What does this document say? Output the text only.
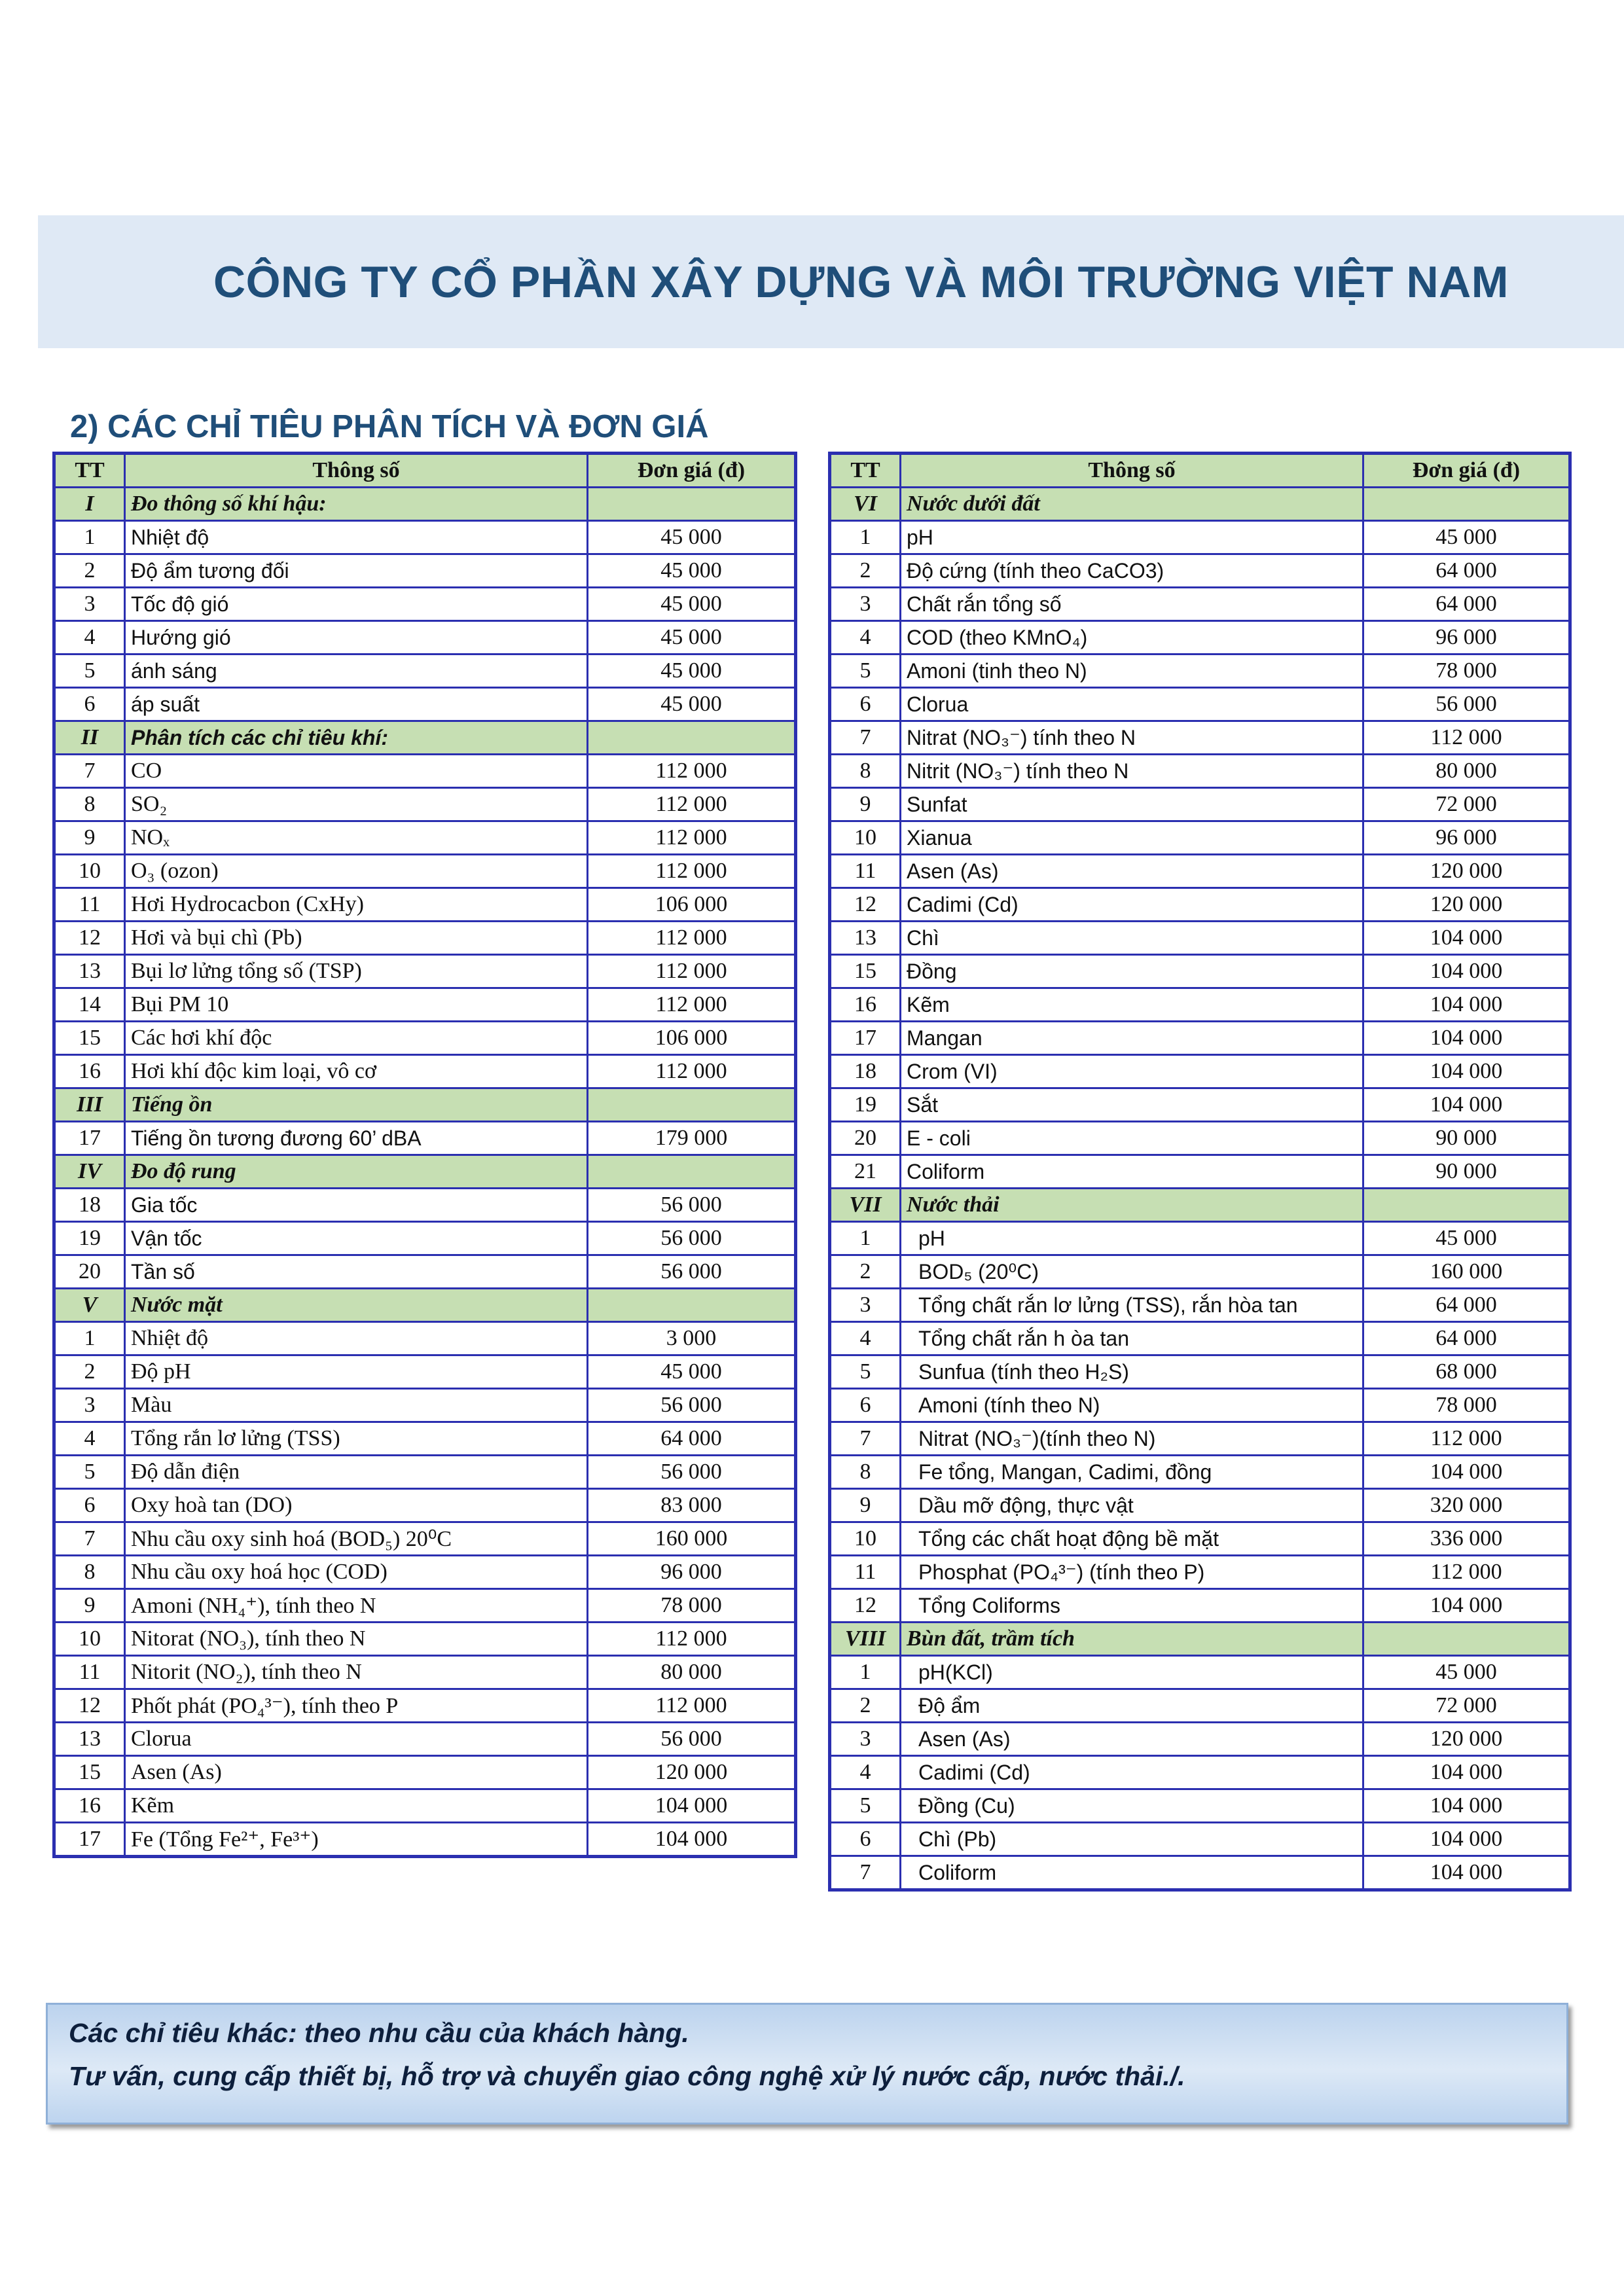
CÔNG TY CỔ PHẦN XÂY DỰNG VÀ MÔI TRƯỜNG VIỆT NAM
2) CÁC CHỈ TIÊU PHÂN TÍCH VÀ ĐƠN GIÁ
TT	Thông số	Đơn giá (đ)
I	Đo thông số khí hậu:	
1	Nhiệt độ	45 000
2	Độ ẩm tương đối	45 000
3	Tốc độ gió	45 000
4	Hướng gió	45 000
5	ánh sáng	45 000
6	áp suất	45 000
II	Phân tích các chỉ tiêu khí:	
7	CO	112 000
8	SO₂	112 000
9	NOₓ	112 000
10	O₃ (ozon)	112 000
11	Hơi Hydrocacbon (CxHy)	106 000
12	Hơi và bụi chì (Pb)	112 000
13	Bụi lơ lửng tổng số (TSP)	112 000
14	Bụi PM 10	112 000
15	Các hơi khí độc	106 000
16	Hơi khí độc kim loại, vô cơ	112 000
III	Tiếng ồn	
17	Tiếng ồn tương đương 60’ dBA	179 000
IV	Đo độ rung	
18	Gia tốc	56 000
19	Vận tốc	56 000
20	Tần số	56 000
V	Nước mặt	
1	Nhiệt độ	3 000
2	Độ pH	45 000
3	Màu	56 000
4	Tổng rắn lơ lửng (TSS)	64 000
5	Độ dẫn điện	56 000
6	Oxy hoà tan (DO)	83 000
7	Nhu cầu oxy sinh hoá (BOD₅) 20⁰C	160 000
8	Nhu cầu oxy hoá học (COD)	96 000
9	Amoni (NH₄⁺), tính theo N	78 000
10	Nitorat (NO₃), tính theo N	112 000
11	Nitorit (NO₂), tính theo N	80 000
12	Phốt phát (PO₄³⁻), tính theo P	112 000
13	Clorua	56 000
15	Asen (As)	120 000
16	Kẽm	104 000
17	Fe (Tổng Fe²⁺, Fe³⁺)	104 000
TT	Thông số	Đơn giá (đ)
VI	Nước dưới đất	
1	pH	45 000
2	Độ cứng (tính theo CaCO3)	64 000
3	Chất rắn tổng số	64 000
4	COD (theo KMnO₄)	96 000
5	Amoni (tinh theo N)	78 000
6	Clorua	56 000
7	Nitrat (NO₃⁻) tính theo N	112 000
8	Nitrit (NO₃⁻) tính theo N	80 000
9	Sunfat	72 000
10	Xianua	96 000
11	Asen (As)	120 000
12	Cadimi (Cd)	120 000
13	Chì	104 000
15	Đồng	104 000
16	Kẽm	104 000
17	Mangan	104 000
18	Crom (VI)	104 000
19	Sắt	104 000
20	E - coli	90 000
21	Coliform	90 000
VII	Nước thải	
1	pH	45 000
2	BOD₅ (20⁰C)	160 000
3	Tổng chất rắn lơ lửng (TSS), rắn hòa tan	64 000
4	Tổng chất rắn h òa tan	64 000
5	Sunfua (tính theo H₂S)	68 000
6	Amoni (tính theo N)	78 000
7	Nitrat (NO₃⁻)(tính theo N)	112 000
8	Fe tổng, Mangan, Cadimi, đồng	104 000
9	Dầu mỡ động, thực vật	320 000
10	Tổng các chất hoạt động bề mặt	336 000
11	Phosphat (PO₄³⁻) (tính theo P)	112 000
12	Tổng Coliforms	104 000
VIII	Bùn đất, trầm tích	
1	pH(KCl)	45 000
2	Độ ẩm	72 000
3	Asen (As)	120 000
4	Cadimi (Cd)	104 000
5	Đồng (Cu)	104 000
6	Chì (Pb)	104 000
7	Coliform	104 000
Các chỉ tiêu khác: theo nhu cầu của khách hàng.
Tư vấn, cung cấp thiết bị, hỗ trợ và chuyển giao công nghệ xử lý nước cấp, nước thải./.
